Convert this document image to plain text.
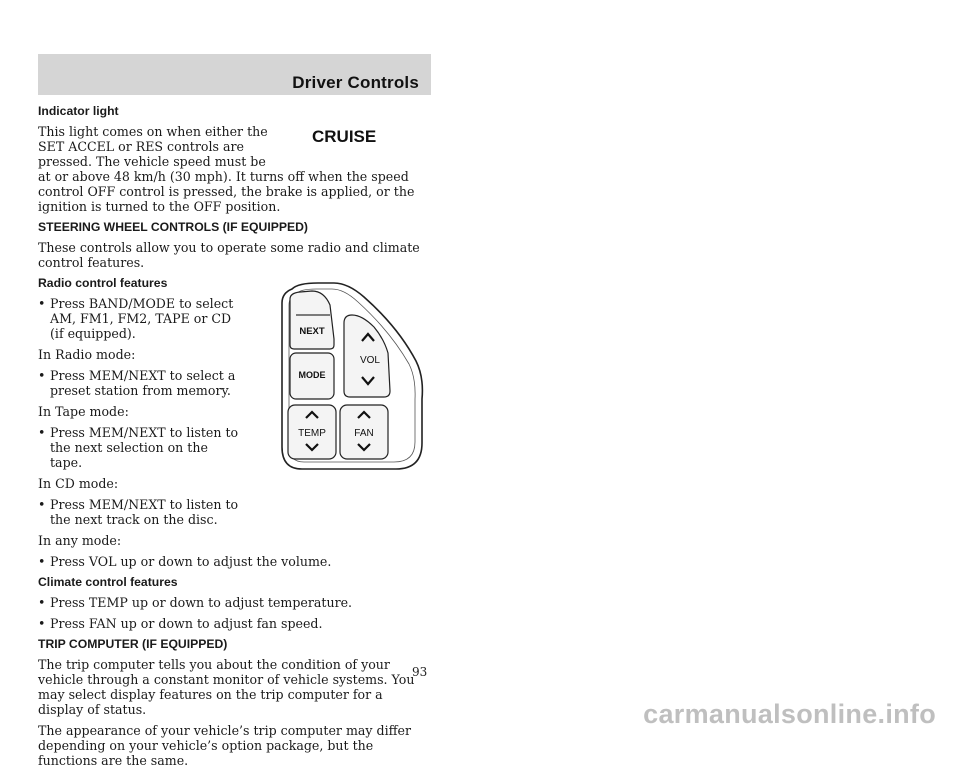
Driver Controls
CRUISE
Indicator light
This light comes on when either the
SET ACCEL or RES controls are
pressed. The vehicle speed must be
at or above 48 km/h (30 mph). It turns off when the speed control OFF control is pressed, the brake is applied, or the ignition is turned to the OFF position.
STEERING WHEEL CONTROLS (IF EQUIPPED)
These controls allow you to operate some radio and climate control features.
Radio control features
• Press BAND/MODE to select AM, FM1, FM2, TAPE or CD (if equipped).
In Radio mode:
• Press MEM/NEXT to select a preset station from memory.
In Tape mode:
• Press MEM/NEXT to listen to the next selection on the tape.
In CD mode:
• Press MEM/NEXT to listen to the next track on the disc.
In any mode:
• Press VOL up or down to adjust the volume.
Climate control features
• Press TEMP up or down to adjust temperature.
• Press FAN up or down to adjust fan speed.
TRIP COMPUTER (IF EQUIPPED)
The trip computer tells you about the condition of your vehicle through a constant monitor of vehicle systems. You may select display features on the trip computer for a display of status.
The appearance of your vehicle’s trip computer may differ depending on your vehicle’s option package, but the functions are the same.
NEXT
MODE
VOL
TEMP	FAN
93
carmanualsonline.info
